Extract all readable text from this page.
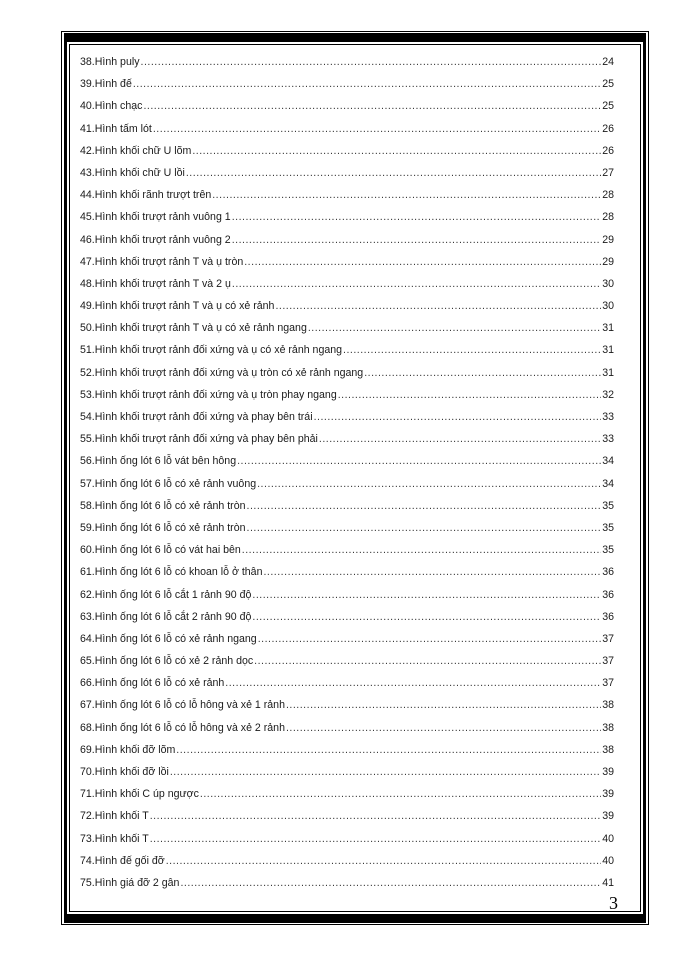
38. Hình puly .....	24
39. Hình đế .....	25
40. Hình chạc .....	25
41. Hình tấm lót .....	26
42. Hình khối chữ U lõm .....	26
43. Hình khối chữ U lồi .....	27
44. Hình khối rãnh trượt trên .....	28
45. Hình khối trượt rảnh vuông 1 .....	28
46. Hình khối trượt rảnh vuông 2 .....	29
47. Hình khối trượt rảnh T và ụ tròn .....	29
48. Hình khối trượt rảnh T và 2 ụ .....	30
49. Hình khối trượt rảnh T và ụ có xẻ rảnh .....	30
50. Hình khối trượt rảnh T và ụ có xẻ rảnh ngang .....	31
51. Hình khối trượt rảnh đối xứng và ụ có xẻ rảnh ngang .....	31
52. Hình khối trượt rảnh đối xứng và ụ tròn có xẻ rảnh ngang .....	31
53. Hình khối trượt rảnh đối xứng và ụ tròn phay ngang .....	32
54. Hình khối trượt rảnh đối xứng và phay bên trái .....	33
55. Hình khối trượt rảnh đối xứng và phay bên phải .....	33
56. Hình ống lót 6 lỗ vát bên hông .....	34
57. Hình ống lót 6 lỗ có xẻ rảnh vuông .....	34
58. Hình ống lót 6 lỗ có xẻ rảnh tròn .....	35
59. Hình ống lót 6 lỗ có xẻ rảnh tròn .....	35
60. Hình ống lót 6 lỗ có vát hai bên .....	35
61. Hình ống lót 6 lỗ có khoan lỗ ở thân .....	36
62. Hình ống lót 6 lỗ cắt 1 rảnh 90 độ .....	36
63. Hình ống lót 6 lỗ cắt 2 rảnh 90 độ .....	36
64. Hình ống lót 6 lỗ có xẻ rảnh ngang .....	37
65. Hình ống lót 6 lỗ có xẻ 2 rảnh dọc .....	37
66. Hình ống lót 6 lỗ có xẻ rảnh .....	37
67. Hình ống lót 6 lỗ có lỗ hông và xẻ 1 rảnh .....	38
68. Hình ống lót 6 lỗ có lỗ hông và xẻ 2 rảnh .....	38
69. Hình khối đỡ lõm .....	38
70. Hình khối đỡ lồi .....	39
71. Hình khối C úp ngược .....	39
72. Hình khối T .....	39
73. Hình khối T .....	40
74. Hình đế gối đỡ .....	40
75. Hình giá đỡ 2 gân .....	41
3
